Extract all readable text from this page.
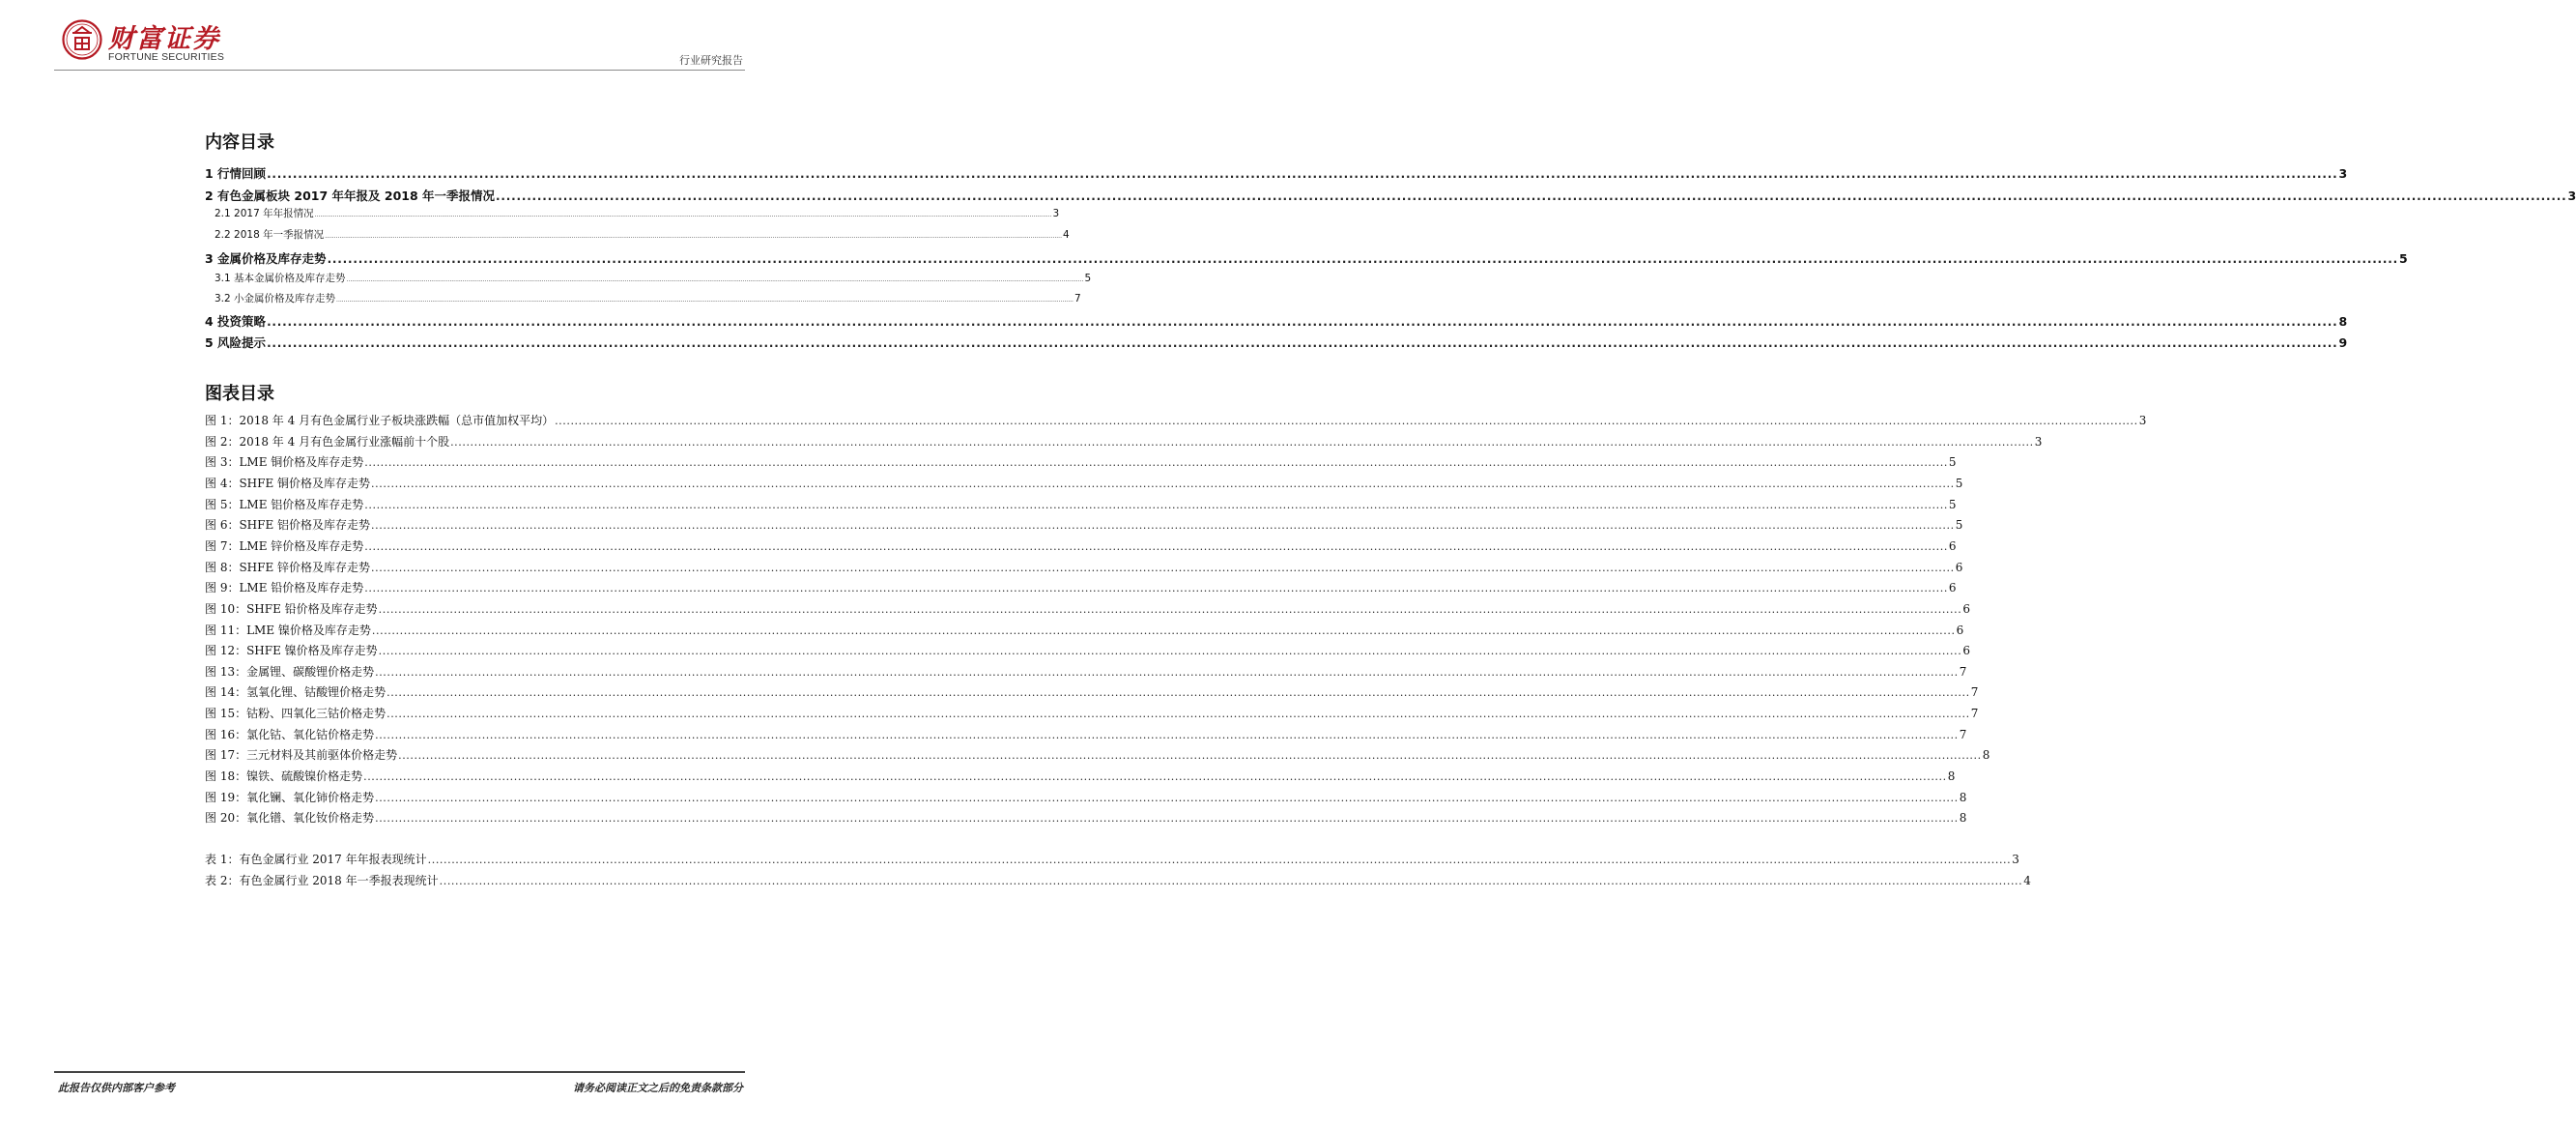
财富证券
FORTUNE SECURITIES	行业研究报告
内容目录
1 行情回顾 ................................................................................................................................................................................................................................................................................................................................................................................................................ 3
2 有色金属板块 2017 年年报及 2018 年一季报情况 ................................................................................................................................................................................................................................................................................................................................................................................................................ 3
2.1 2017 年年报情况 ................................................................................................................................................................................................................................................................................................................................................................................................................ 3
2.2 2018 年一季报情况 ................................................................................................................................................................................................................................................................................................................................................................................................................ 4
3 金属价格及库存走势 ................................................................................................................................................................................................................................................................................................................................................................................................................ 5
3.1 基本金属价格及库存走势 ................................................................................................................................................................................................................................................................................................................................................................................................................ 5
3.2 小金属价格及库存走势 ................................................................................................................................................................................................................................................................................................................................................................................................................ 7
4 投资策略 ................................................................................................................................................................................................................................................................................................................................................................................................................ 8
5 风险提示 ................................................................................................................................................................................................................................................................................................................................................................................................................ 9
图表目录
图 1：2018 年 4 月有色金属行业子板块涨跌幅（总市值加权平均） ................................................................................................................................................................................................................................................................................................................................................................................................................ 3
图 2：2018 年 4 月有色金属行业涨幅前十个股 ................................................................................................................................................................................................................................................................................................................................................................................................................ 3
图 3：LME 铜价格及库存走势 ................................................................................................................................................................................................................................................................................................................................................................................................................ 5
图 4：SHFE 铜价格及库存走势 ................................................................................................................................................................................................................................................................................................................................................................................................................ 5
图 5：LME 铝价格及库存走势 ................................................................................................................................................................................................................................................................................................................................................................................................................ 5
图 6：SHFE 铝价格及库存走势 ................................................................................................................................................................................................................................................................................................................................................................................................................ 5
图 7：LME 锌价格及库存走势 ................................................................................................................................................................................................................................................................................................................................................................................................................ 6
图 8：SHFE 锌价格及库存走势 ................................................................................................................................................................................................................................................................................................................................................................................................................ 6
图 9：LME 铅价格及库存走势 ................................................................................................................................................................................................................................................................................................................................................................................................................ 6
图 10：SHFE 铅价格及库存走势 ................................................................................................................................................................................................................................................................................................................................................................................................................ 6
图 11：LME 镍价格及库存走势 ................................................................................................................................................................................................................................................................................................................................................................................................................ 6
图 12：SHFE 镍价格及库存走势 ................................................................................................................................................................................................................................................................................................................................................................................................................ 6
图 13：金属锂、碳酸锂价格走势 ................................................................................................................................................................................................................................................................................................................................................................................................................ 7
图 14：氢氧化锂、钴酸锂价格走势 ................................................................................................................................................................................................................................................................................................................................................................................................................ 7
图 15：钴粉、四氧化三钴价格走势 ................................................................................................................................................................................................................................................................................................................................................................................................................ 7
图 16：氯化钴、氧化钴价格走势 ................................................................................................................................................................................................................................................................................................................................................................................................................ 7
图 17：三元材料及其前驱体价格走势 ................................................................................................................................................................................................................................................................................................................................................................................................................ 8
图 18：镍铁、硫酸镍价格走势 ................................................................................................................................................................................................................................................................................................................................................................................................................ 8
图 19：氧化镧、氧化铈价格走势 ................................................................................................................................................................................................................................................................................................................................................................................................................ 8
图 20：氧化镨、氧化钕价格走势 ................................................................................................................................................................................................................................................................................................................................................................................................................ 8
表 1：有色金属行业 2017 年年报表现统计 ................................................................................................................................................................................................................................................................................................................................................................................................................ 3
表 2：有色金属行业 2018 年一季报表现统计 ................................................................................................................................................................................................................................................................................................................................................................................................................ 4
此报告仅供内部客户参考	请务必阅读正文之后的免责条款部分
